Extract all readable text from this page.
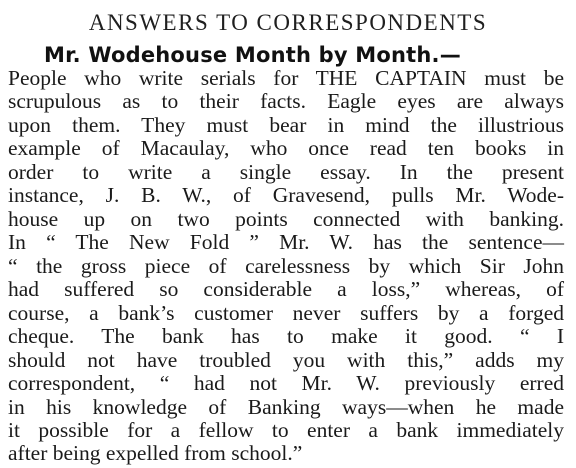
ANSWERS TO CORRESPONDENTS
Mr. Wodehouse Month by Month.—
People who write serials for THE CAPTAIN must be
scrupulous as to their facts. Eagle eyes are always
upon them. They must bear in mind the illustrious
example of Macaulay, who once read ten books in
order to write a single essay. In the present
instance, J. B. W., of Gravesend, pulls Mr. Wode-
house up on two points connected with banking.
In “ The New Fold ” Mr. W. has the sentence—
“ the gross piece of carelessness by which Sir John
had suffered so considerable a loss,” whereas, of
course, a bank’s customer never suffers by a forged
cheque. The bank has to make it good. “ I
should not have troubled you with this,” adds my
correspondent, “ had not Mr. W. previously erred
in his knowledge of Banking ways—when he made
it possible for a fellow to enter a bank immediately
after being expelled from school.”
